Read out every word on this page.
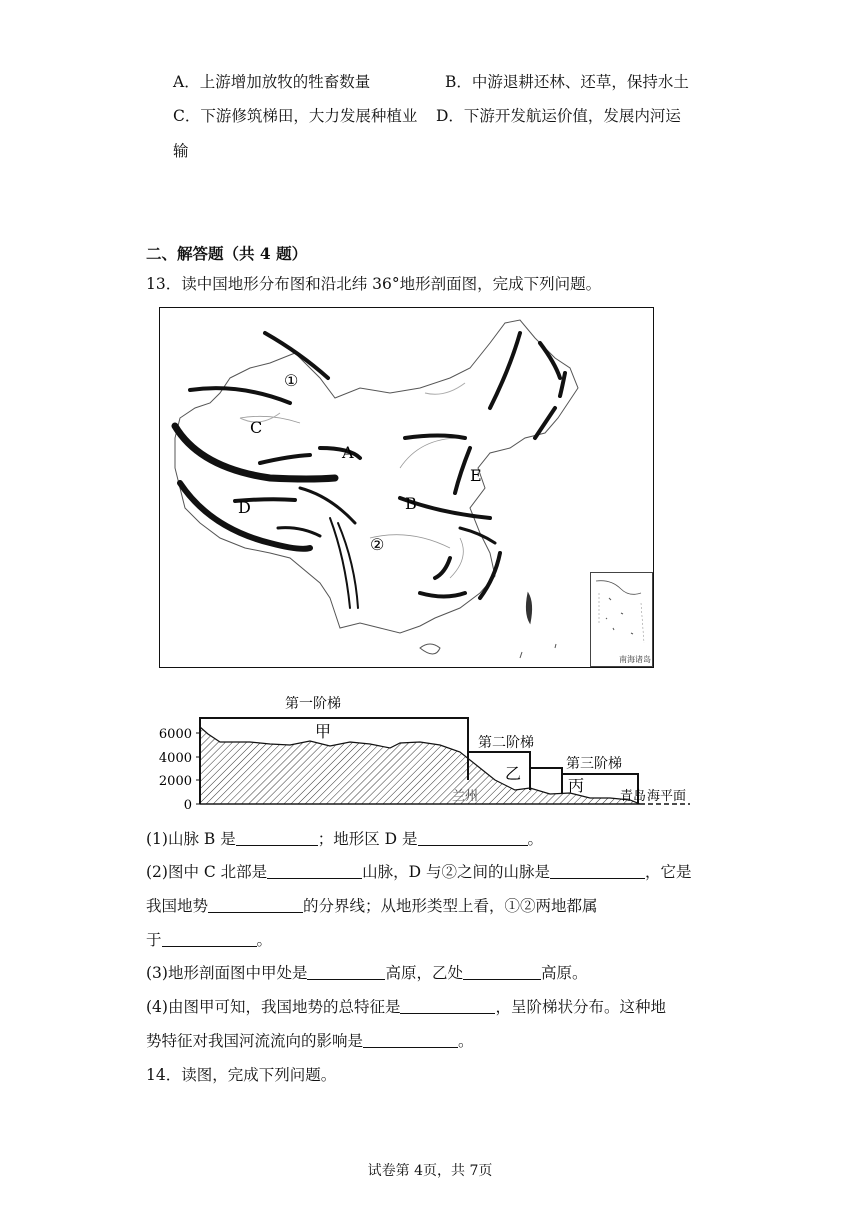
A．上游增加放牧的牲畜数量	B．中游退耕还林、还草，保持水土
C．下游修筑梯田，大力发展种植业 D．下游开发航运价值，发展内河运
输
二、解答题（共 4 题）
13．读中国地形分布图和沿北纬 36°地形剖面图，完成下列问题。
①
C
A
E
D	B
②
南海诸岛
6000
4000
2000
0
第一阶梯
第二阶梯
第三阶梯
甲
乙
丙
兰州	青岛 海平面
(1)山脉 B 是	；地形区 D 是	。
(2)图中 C 北部是	山脉，D 与②之间的山脉是	，它是
我国地势	的分界线；从地形类型上看，①②两地都属
于	。
(3)地形剖面图中甲处是	高原，乙处	高原。
(4)由图甲可知，我国地势的总特征是	，呈阶梯状分布。这种地
势特征对我国河流流向的影响是	。
14．读图，完成下列问题。
试卷第 4页，共 7页
